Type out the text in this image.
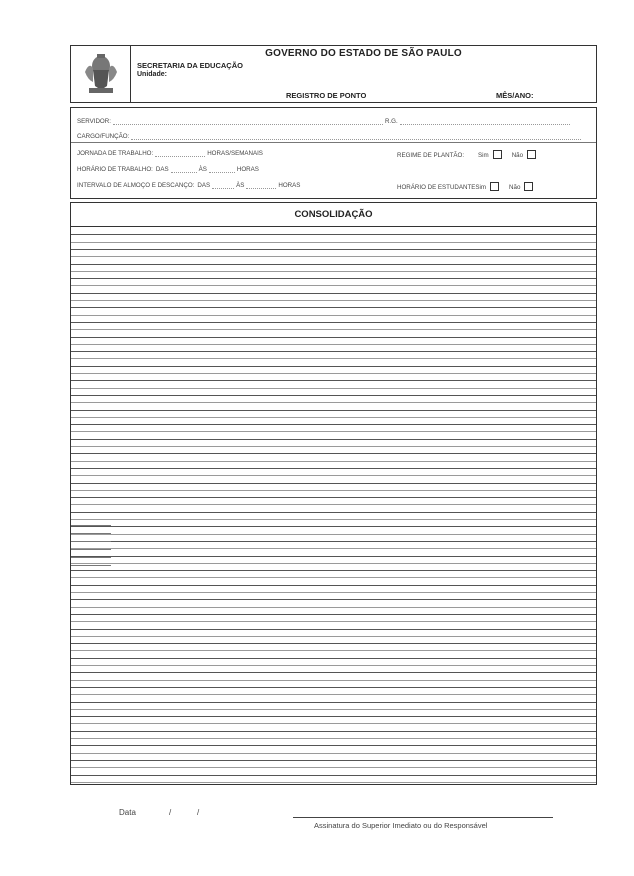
GOVERNO DO ESTADO DE SÃO PAULO
SECRETARIA DA EDUCAÇÃO
Unidade:
REGISTRO DE PONTO	MÊS/ANO:
SERVIDOR:	R.G.
CARGO/FUNÇÃO:
JORNADA DE TRABALHO:	HORAS/SEMANAIS	REGIME DE PLANTÃO: Sim	Não
HORÁRIO DE TRABALHO: DAS	ÀS	HORAS
INTERVALO DE ALMOÇO E DESCANÇO: DAS	ÀS	HORAS	HORÁRIO DE ESTUDANTE Sim	Não
CONSOLIDAÇÃO
Data	/	/
Assinatura do Superior Imediato ou do Responsável
